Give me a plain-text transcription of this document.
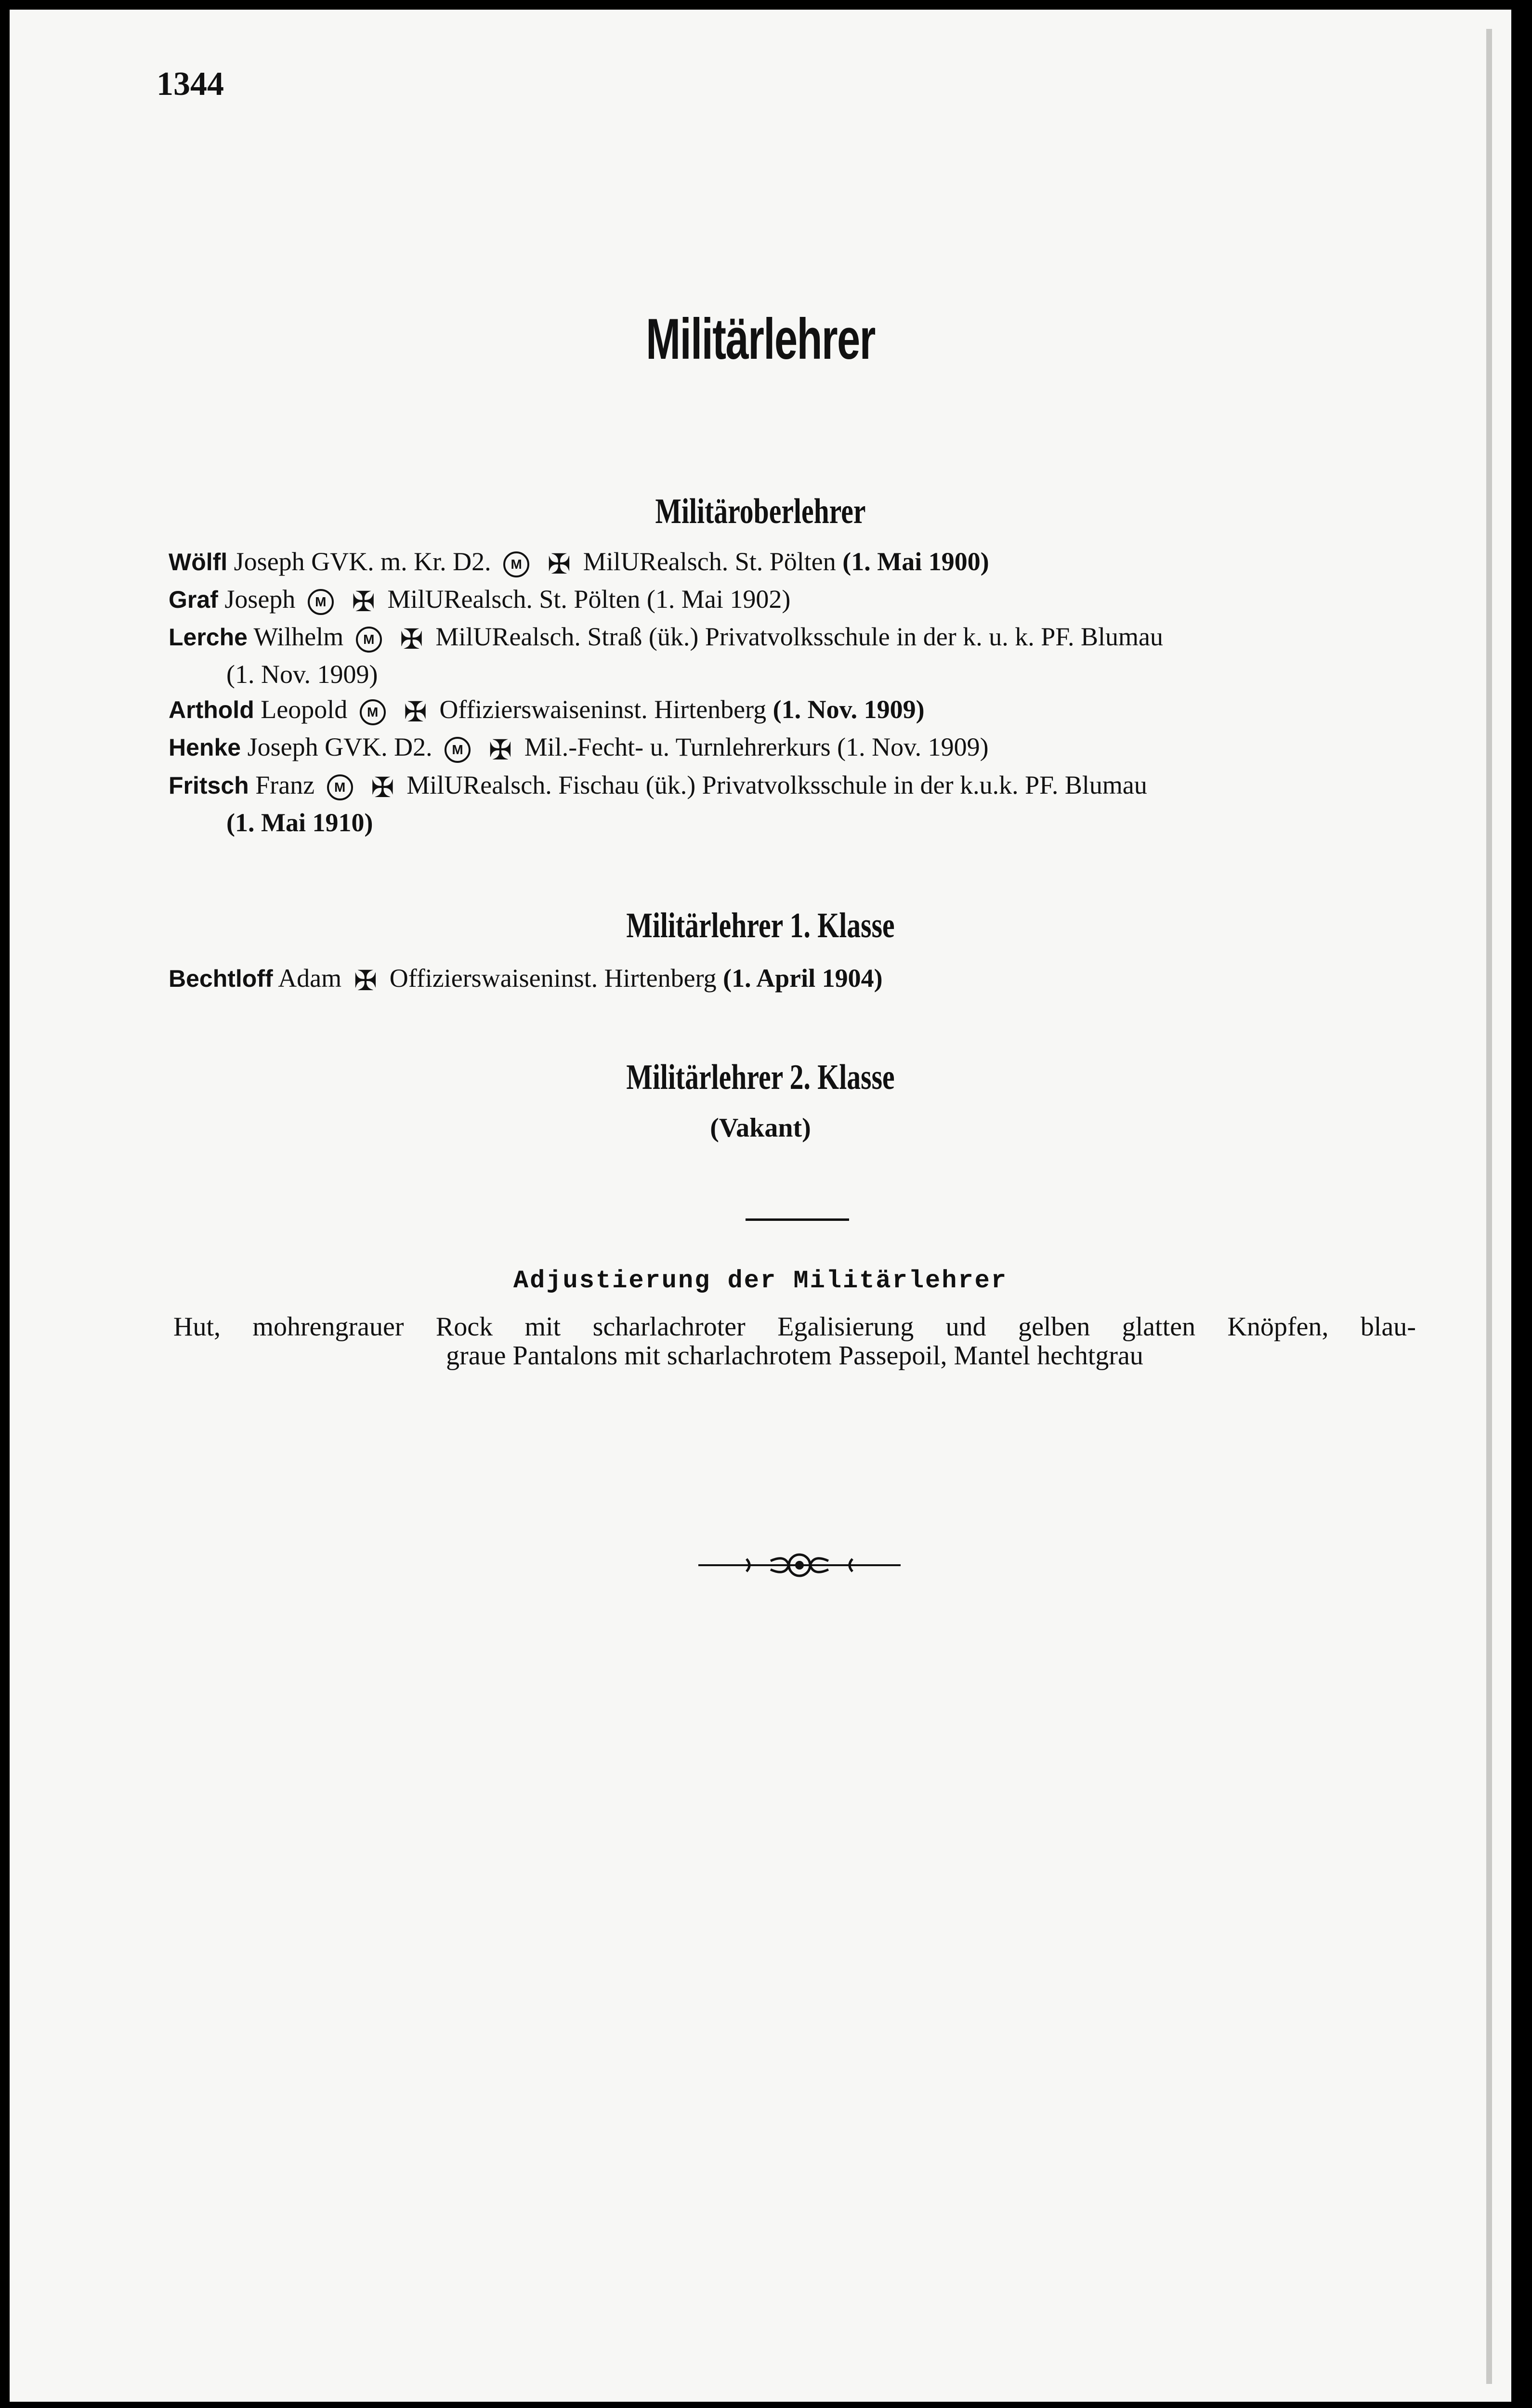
1344
Militärlehrer
Militäroberlehrer
Wölfl Joseph GVK. m. Kr. D2. M ✠ MilURealsch. St. Pölten (1. Mai 1900)
Graf Joseph M ✠ MilURealsch. St. Pölten (1. Mai 1902)
Lerche Wilhelm M ✠ MilURealsch. Straß (ük.) Privatvolksschule in der k. u. k. PF. Blumau
(1. Nov. 1909)
Arthold Leopold M ✠ Offizierswaiseninst. Hirtenberg (1. Nov. 1909)
Henke Joseph GVK. D2. M ✠ Mil.-Fecht- u. Turnlehrerkurs (1. Nov. 1909)
Fritsch Franz M ✠ MilURealsch. Fischau (ük.) Privatvolksschule in der k.u.k. PF. Blumau
(1. Mai 1910)
Militärlehrer 1. Klasse
Bechtloff Adam ✠ Offizierswaiseninst. Hirtenberg (1. April 1904)
Militärlehrer 2. Klasse
(Vakant)
Adjustierung der Militärlehrer
Hut, mohrengrauer Rock mit scharlachroter Egalisierung und gelben glatten Knöpfen, blau-
graue Pantalons mit scharlachrotem Passepoil, Mantel hechtgrau
